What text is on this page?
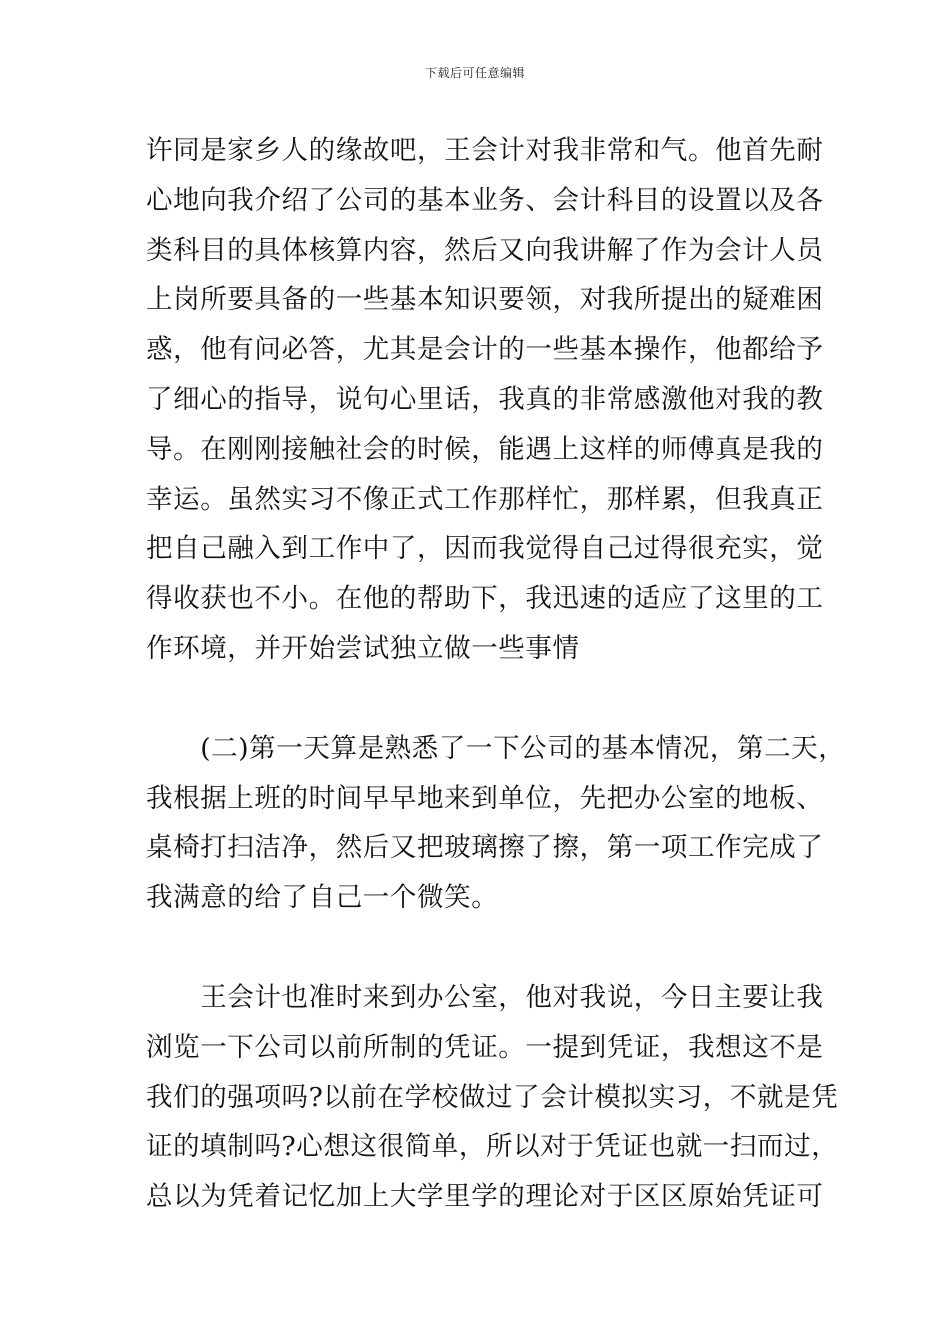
下载后可任意编辑

许同是家乡人的缘故吧，王会计对我非常和气。他首先耐
心地向我介绍了公司的基本业务、会计科目的设置以及各
类科目的具体核算内容，然后又向我讲解了作为会计人员
上岗所要具备的一些基本知识要领，对我所提出的疑难困
惑，他有问必答，尤其是会计的一些基本操作，他都给予
了细心的指导，说句心里话，我真的非常感激他对我的教
导。在刚刚接触社会的时候，能遇上这样的师傅真是我的
幸运。虽然实习不像正式工作那样忙，那样累，但我真正
把自己融入到工作中了，因而我觉得自己过得很充实，觉
得收获也不小。在他的帮助下，我迅速的适应了这里的工
作环境，并开始尝试独立做一些事情

　　(二)第一天算是熟悉了一下公司的基本情况，第二天，
我根据上班的时间早早地来到单位，先把办公室的地板、
桌椅打扫洁净，然后又把玻璃擦了擦，第一项工作完成了
我满意的给了自己一个微笑。

　　王会计也准时来到办公室，他对我说，今日主要让我
浏览一下公司以前所制的凭证。一提到凭证，我想这不是
我们的强项吗?以前在学校做过了会计模拟实习，不就是凭
证的填制吗?心想这很简单，所以对于凭证也就一扫而过，
总以为凭着记忆加上大学里学的理论对于区区原始凭证可
